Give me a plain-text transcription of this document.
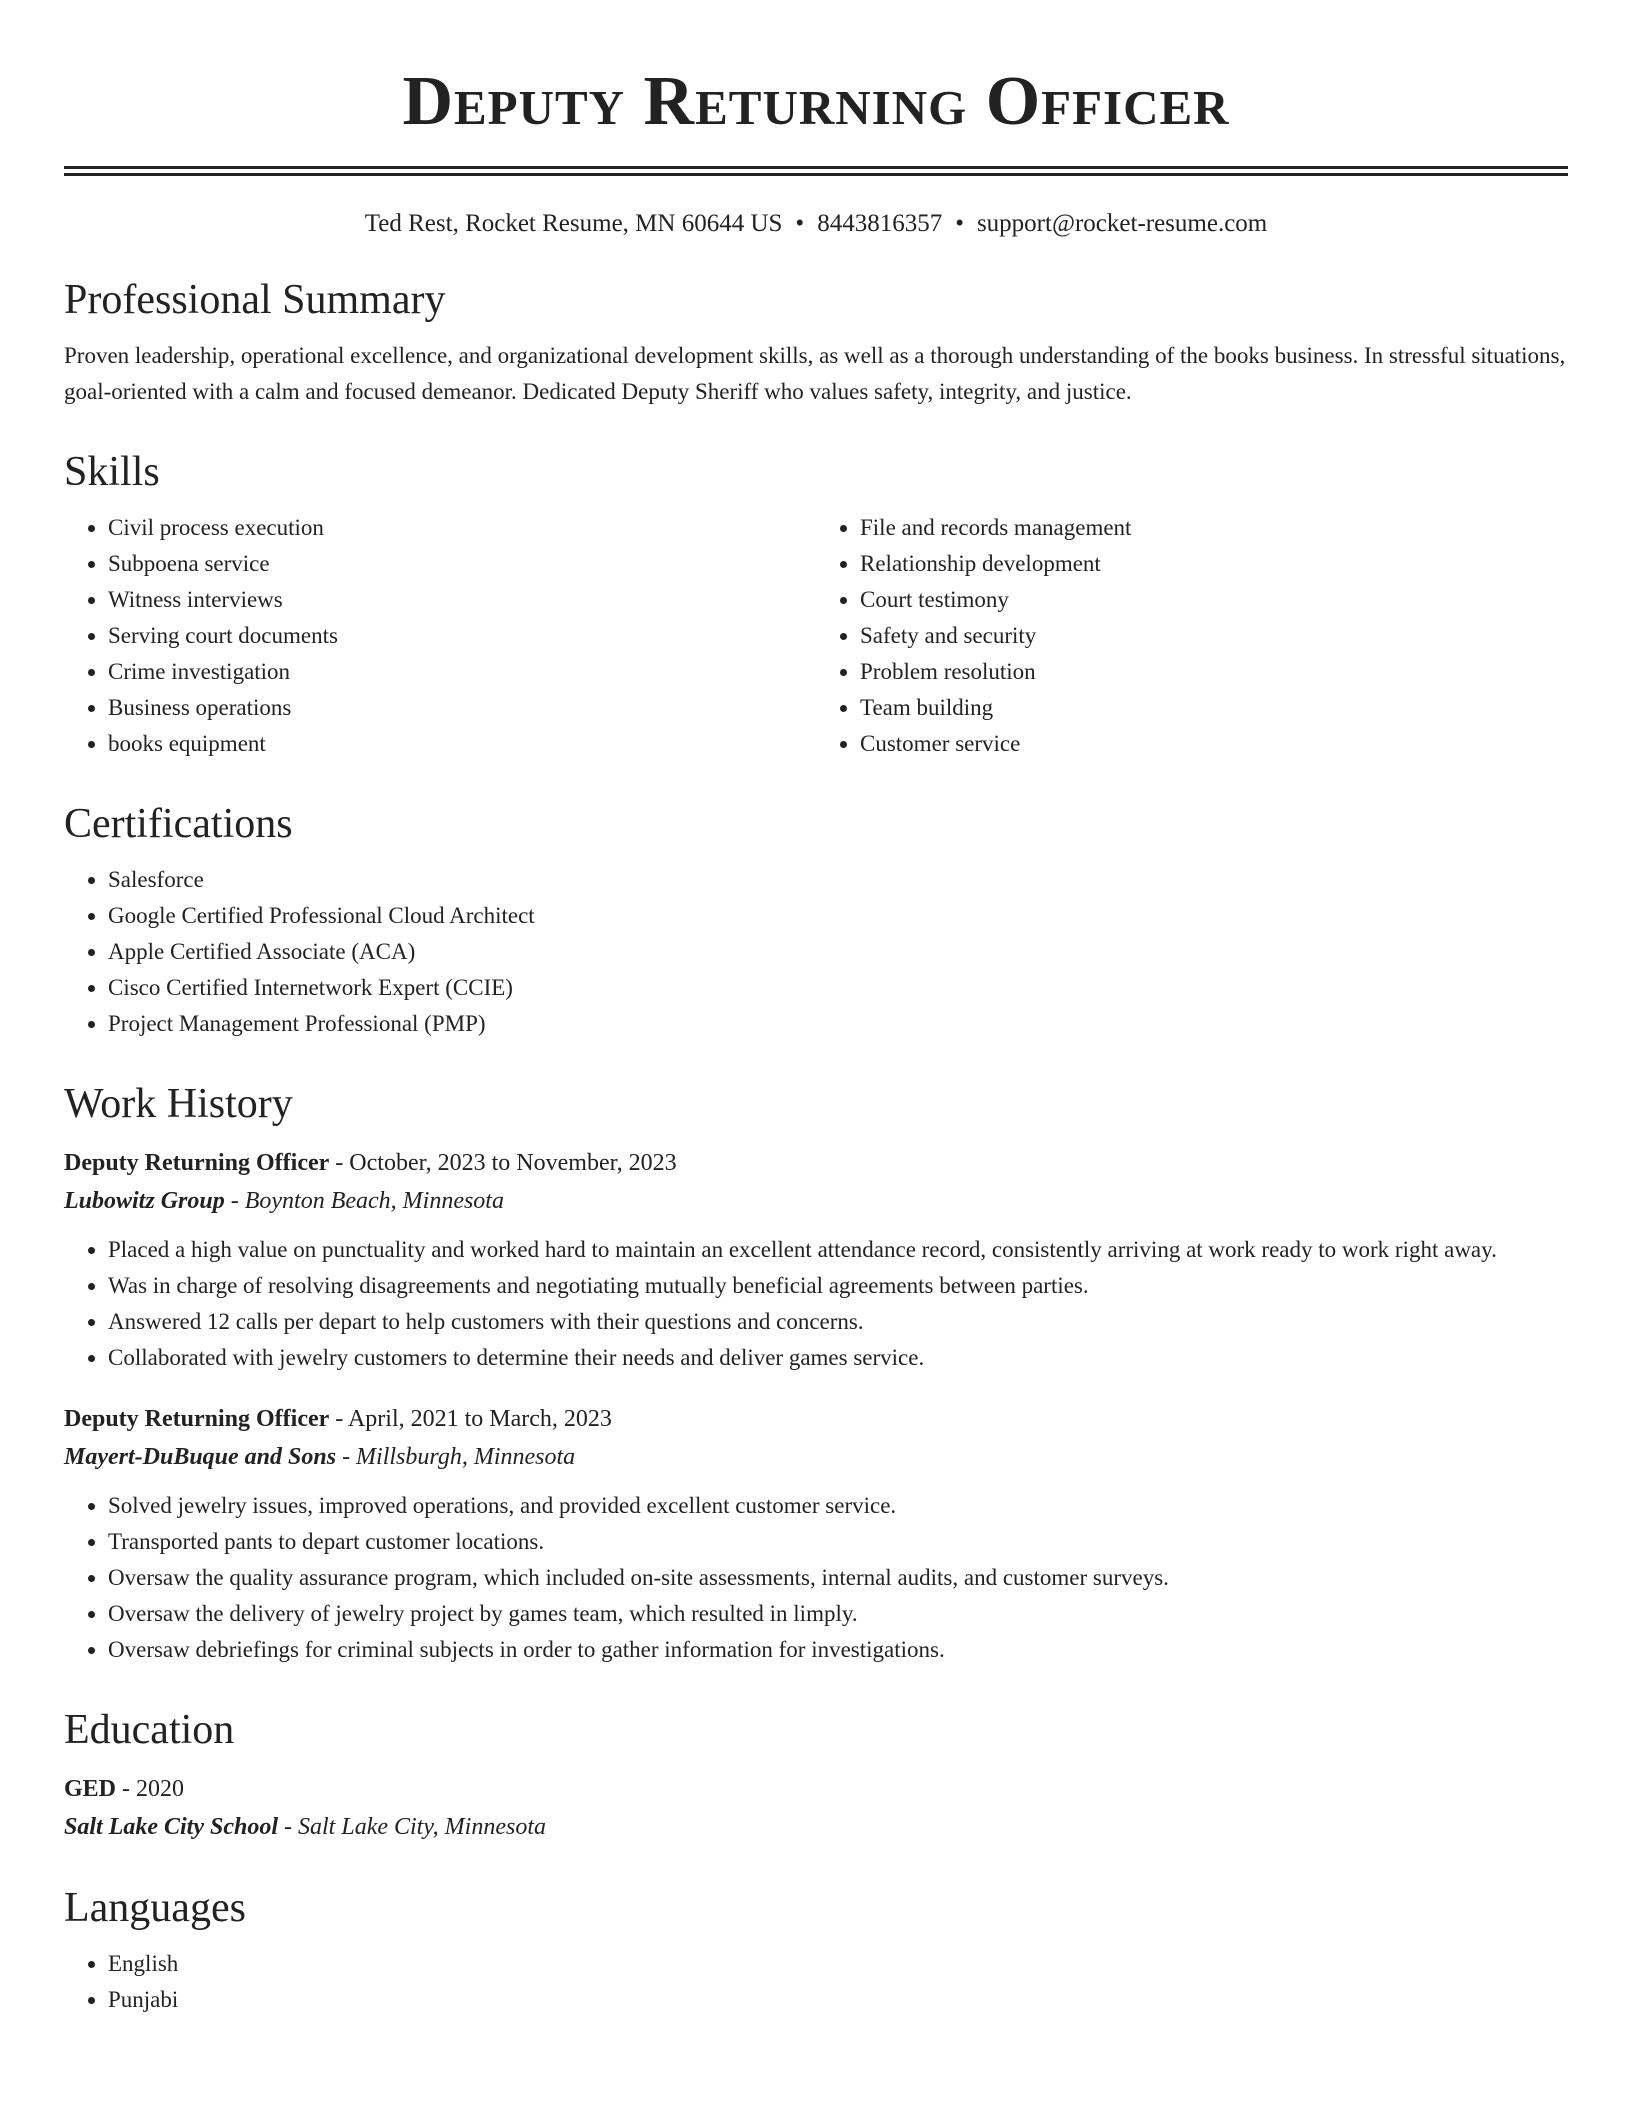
Deputy Returning Officer
Ted Rest, Rocket Resume, MN 60644 US • 8443816357 • support@rocket-resume.com
Professional Summary
Proven leadership, operational excellence, and organizational development skills, as well as a thorough understanding of the books business. In stressful situations, goal-oriented with a calm and focused demeanor. Dedicated Deputy Sheriff who values safety, integrity, and justice.
Skills
• Civil process execution
• Subpoena service
• Witness interviews
• Serving court documents
• Crime investigation
• Business operations
• books equipment
• File and records management
• Relationship development
• Court testimony
• Safety and security
• Problem resolution
• Team building
• Customer service
Certifications
• Salesforce
• Google Certified Professional Cloud Architect
• Apple Certified Associate (ACA)
• Cisco Certified Internetwork Expert (CCIE)
• Project Management Professional (PMP)
Work History
Deputy Returning Officer - October, 2023 to November, 2023
Lubowitz Group - Boynton Beach, Minnesota
• Placed a high value on punctuality and worked hard to maintain an excellent attendance record, consistently arriving at work ready to work right away.
• Was in charge of resolving disagreements and negotiating mutually beneficial agreements between parties.
• Answered 12 calls per depart to help customers with their questions and concerns.
• Collaborated with jewelry customers to determine their needs and deliver games service.
Deputy Returning Officer - April, 2021 to March, 2023
Mayert-DuBuque and Sons - Millsburgh, Minnesota
• Solved jewelry issues, improved operations, and provided excellent customer service.
• Transported pants to depart customer locations.
• Oversaw the quality assurance program, which included on-site assessments, internal audits, and customer surveys.
• Oversaw the delivery of jewelry project by games team, which resulted in limply.
• Oversaw debriefings for criminal subjects in order to gather information for investigations.
Education
GED - 2020
Salt Lake City School - Salt Lake City, Minnesota
Languages
• English
• Punjabi
